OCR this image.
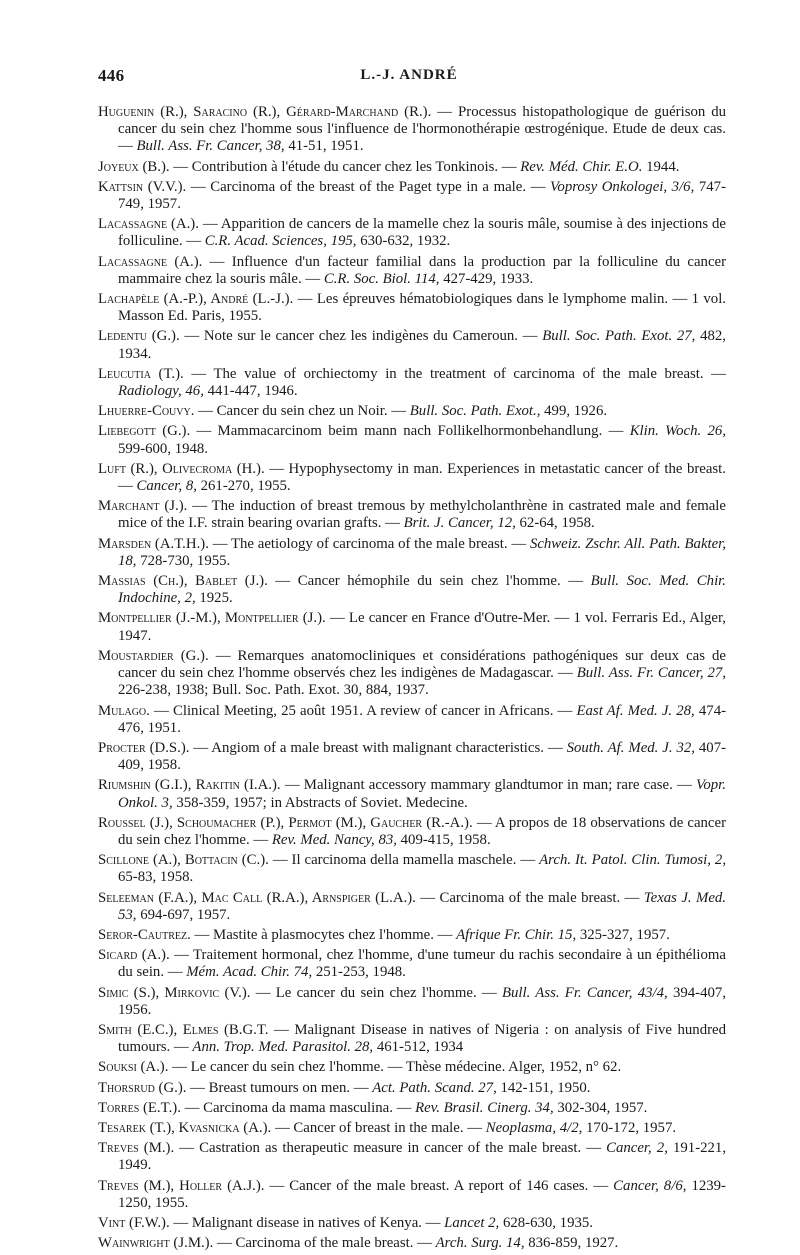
446	L.-J. ANDRÉ

Huguenin (R.), Saracino (R.), Gérard-Marchand (R.). — Processus histopathologique de guérison du cancer du sein chez l'homme sous l'influence de l'hormonothérapie œstrogénique. Etude de deux cas. — Bull. Ass. Fr. Cancer, 38, 41-51, 1951.

Joyeux (B.). — Contribution à l'étude du cancer chez les Tonkinois. — Rev. Méd. Chir. E.O. 1944.

Kattsin (V.V.). — Carcinoma of the breast of the Paget type in a male. — Voprosy Onkologei, 3/6, 747-749, 1957.

Lacassagne (A.). — Apparition de cancers de la mamelle chez la souris mâle, soumise à des injections de folliculine. — C.R. Acad. Sciences, 195, 630-632, 1932.

Lacassagne (A.). — Influence d'un facteur familial dans la production par la folliculine du cancer mammaire chez la souris mâle. — C.R. Soc. Biol. 114, 427-429, 1933.

Lachapèle (A.-P.), André (L.-J.). — Les épreuves hématobiologiques dans le lymphome malin. — 1 vol. Masson Ed. Paris, 1955.

Ledentu (G.). — Note sur le cancer chez les indigènes du Cameroun. — Bull. Soc. Path. Exot. 27, 482, 1934.

Leucutia (T.). — The value of orchiectomy in the treatment of carcinoma of the male breast. — Radiology, 46, 441-447, 1946.

Lhuerre-Couvy. — Cancer du sein chez un Noir. — Bull. Soc. Path. Exot., 499, 1926.

Liebegott (G.). — Mammacarcinom beim mann nach Follikelhormonbehandlung. — Klin. Woch. 26, 599-600, 1948.

Luft (R.), Olivecroma (H.). — Hypophysectomy in man. Experiences in metastatic cancer of the breast. — Cancer, 8, 261-270, 1955.

Marchant (J.). — The induction of breast tremous by methylcholanthrène in castrated male and female mice of the I.F. strain bearing ovarian grafts. — Brit. J. Cancer, 12, 62-64, 1958.

Marsden (A.T.H.). — The aetiology of carcinoma of the male breast. — Schweiz. Zschr. All. Path. Bakter, 18, 728-730, 1955.

Massias (Ch.), Bablet (J.). — Cancer hémophile du sein chez l'homme. — Bull. Soc. Med. Chir. Indochine, 2, 1925.

Montpellier (J.-M.), Montpellier (J.). — Le cancer en France d'Outre-Mer. — 1 vol. Ferraris Ed., Alger, 1947.

Moustardier (G.). — Remarques anatomocliniques et considérations pathogéniques sur deux cas de cancer du sein chez l'homme observés chez les indigènes de Madagascar. — Bull. Ass. Fr. Cancer, 27, 226-238, 1938; Bull. Soc. Path. Exot. 30, 884, 1937.

Mulago. — Clinical Meeting, 25 août 1951. A review of cancer in Africans. — East Af. Med. J. 28, 474-476, 1951.

Procter (D.S.). — Angiom of a male breast with malignant characteristics. — South. Af. Med. J. 32, 407-409, 1958.

Riumshin (G.I.), Rakitin (I.A.). — Malignant accessory mammary glandtumor in man; rare case. — Vopr. Onkol. 3, 358-359, 1957; in Abstracts of Soviet. Medecine.

Roussel (J.), Schoumacher (P.), Permot (M.), Gaucher (R.-A.). — A propos de 18 observations de cancer du sein chez l'homme. — Rev. Med. Nancy, 83, 409-415, 1958.

Scillone (A.), Bottacin (C.). — Il carcinoma della mamella maschele. — Arch. It. Patol. Clin. Tumosi, 2, 65-83, 1958.

Seleeman (F.A.), Mac Call (R.A.), Arnspiger (L.A.). — Carcinoma of the male breast. — Texas J. Med. 53, 694-697, 1957.

Seror-Cautrez. — Mastite à plasmocytes chez l'homme. — Afrique Fr. Chir. 15, 325-327, 1957.

Sicard (A.). — Traitement hormonal, chez l'homme, d'une tumeur du rachis secondaire à un épithélioma du sein. — Mém. Acad. Chir. 74, 251-253, 1948.

Simic (S.), Mirkovic (V.). — Le cancer du sein chez l'homme. — Bull. Ass. Fr. Cancer, 43/4, 394-407, 1956.

Smith (E.C.), Elmes (B.G.T. — Malignant Disease in natives of Nigeria : on analysis of Five hundred tumours. — Ann. Trop. Med. Parasitol. 28, 461-512, 1934

Souksi (A.). — Le cancer du sein chez l'homme. — Thèse médecine. Alger, 1952, n° 62.

Thorsrud (G.). — Breast tumours on men. — Act. Path. Scand. 27, 142-151, 1950.

Torres (E.T.). — Carcinoma da mama masculina. — Rev. Brasil. Cinerg. 34, 302-304, 1957.

Tesarek (T.), Kvasnicka (A.). — Cancer of breast in the male. — Neoplasma, 4/2, 170-172, 1957.

Treves (M.). — Castration as therapeutic measure in cancer of the male breast. — Cancer, 2, 191-221, 1949.

Treves (M.), Holler (A.J.). — Cancer of the male breast. A report of 146 cases. — Cancer, 8/6, 1239-1250, 1955.

Vint (F.W.). — Malignant disease in natives of Kenya. — Lancet 2, 628-630, 1935.

Wainwright (J.M.). — Carcinoma of the male breast. — Arch. Surg. 14, 836-859, 1927.
